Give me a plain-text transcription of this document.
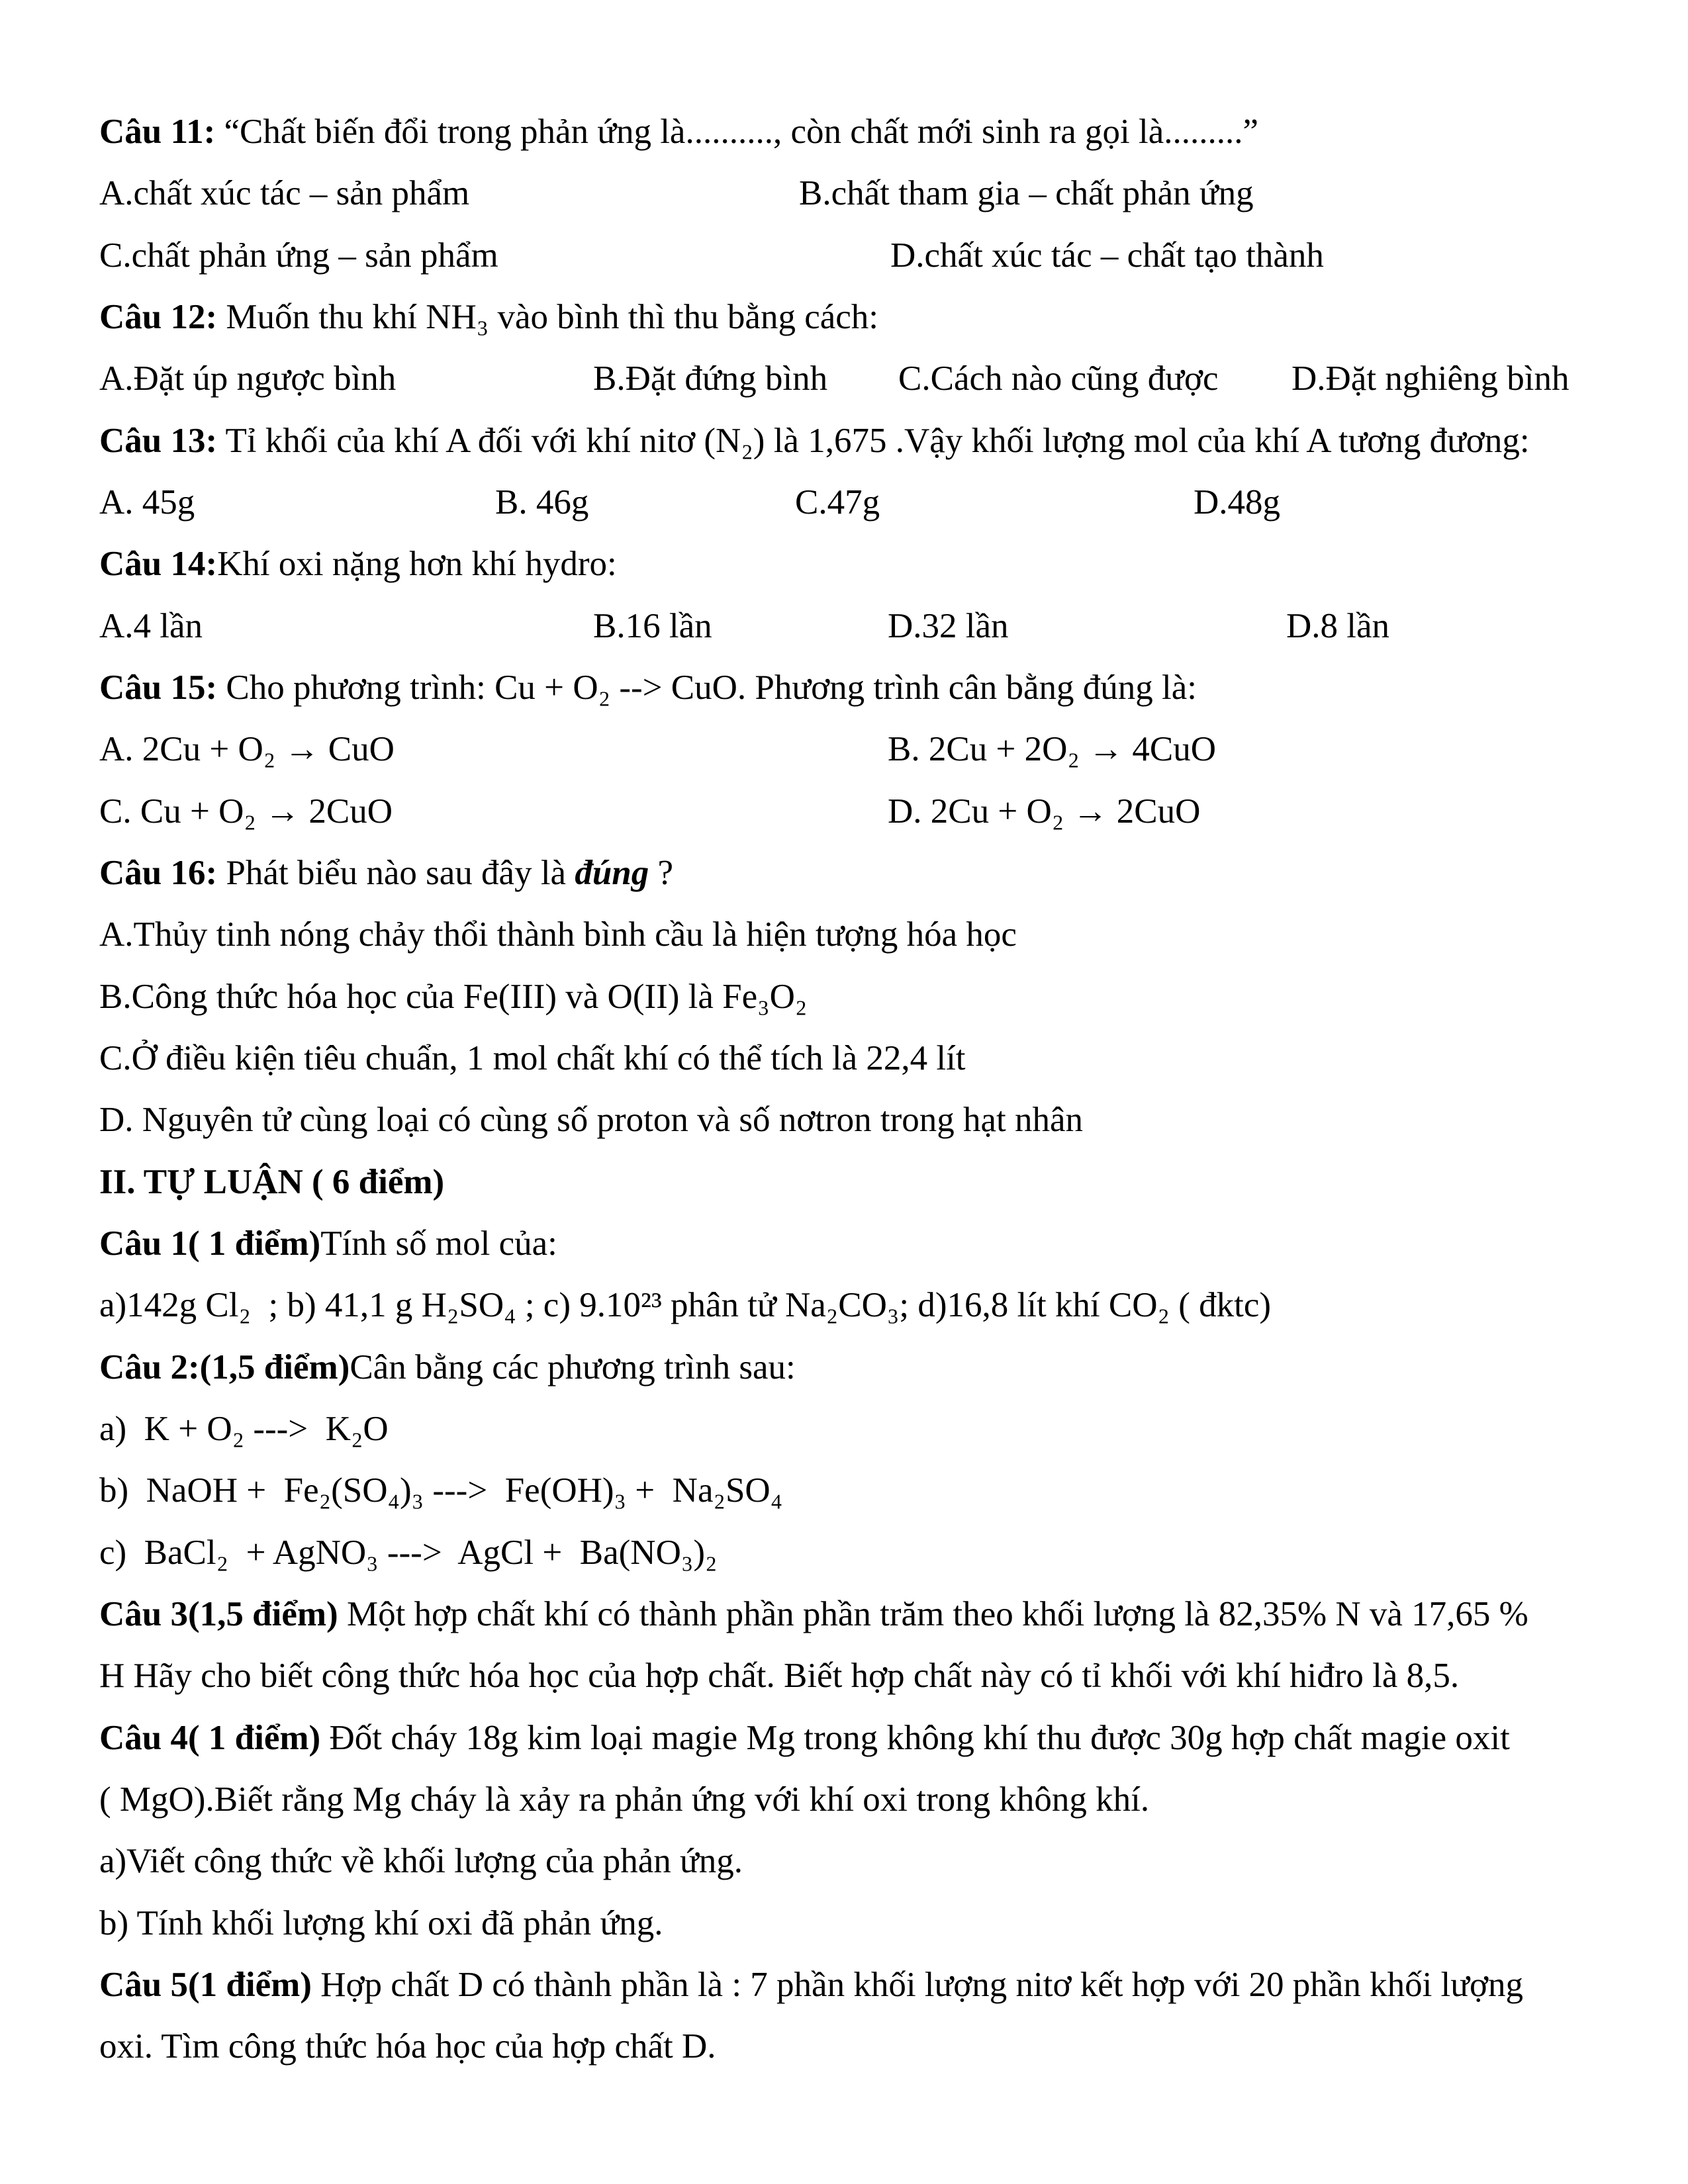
Câu 11: “Chất biến đổi trong phản ứng là.........., còn chất mới sinh ra gọi là.........”

A.chất xúc tác – sản phẩm

	B.chất tham gia – chất phản ứng

C.chất phản ứng – sản phẩm

	D.chất xúc tác – chất tạo thành

Câu 12: Muốn thu khí NH₃ vào bình thì thu bằng cách:

A.Đặt úp ngược bình

	B.Đặt đứng bình

C.Cách nào cũng được

D.Đặt nghiêng bình

Câu 13: Tỉ khối của khí A đối với khí nitơ (N₂) là 1,675 .Vậy khối lượng mol của khí A tương đương:

A. 45g

	B. 46g

	C.47g

	D.48g

Câu 14:Khí oxi nặng hơn khí hydro:

A.4 lần

	B.16 lần

	D.32 lần

	D.8 lần

Câu 15: Cho phương trình: Cu + O₂ --> CuO. Phương trình cân bằng đúng là:

A. 2Cu + O₂ → CuO

	B. 2Cu + 2O₂ → 4CuO

C. Cu + O₂ → 2CuO

	D. 2Cu + O₂ → 2CuO

Câu 16: Phát biểu nào sau đây là đúng ?
A.Thủy tinh nóng chảy thổi thành bình cầu là hiện tượng hóa học
B.Công thức hóa học của Fe(III) và O(II) là Fe₃O₂
C.Ở điều kiện tiêu chuẩn, 1 mol chất khí có thể tích là 22,4 lít
D. Nguyên tử cùng loại có cùng số proton và số nơtron trong hạt nhân
II. TỰ LUẬN ( 6 điểm)
Câu 1( 1 điểm)Tính số mol của:
a)142g Cl₂  ; b) 41,1 g H₂SO₄ ; c) 9.10²³ phân tử Na₂CO₃; d)16,8 lít khí CO₂ ( đktc)
Câu 2:(1,5 điểm)Cân bằng các phương trình sau:
a)  K + O₂ --->  K₂O
b)  NaOH +  Fe₂(SO₄)₃ --->  Fe(OH)₃ +  Na₂SO₄
c)  BaCl₂  + AgNO₃ --->  AgCl +  Ba(NO₃)₂
Câu 3(1,5 điểm) Một hợp chất khí có thành phần phần trăm theo khối lượng là 82,35% N và 17,65 %
H Hãy cho biết công thức hóa học của hợp chất. Biết hợp chất này có tỉ khối với khí hiđro là 8,5.
Câu 4( 1 điểm) Đốt cháy 18g kim loại magie Mg trong không khí thu được 30g hợp chất magie oxit
( MgO).Biết rằng Mg cháy là xảy ra phản ứng với khí oxi trong không khí.
a)Viết công thức về khối lượng của phản ứng.
b) Tính khối lượng khí oxi đã phản ứng.
Câu 5(1 điểm) Hợp chất D có thành phần là : 7 phần khối lượng nitơ kết hợp với 20 phần khối lượng
oxi. Tìm công thức hóa học của hợp chất D.
